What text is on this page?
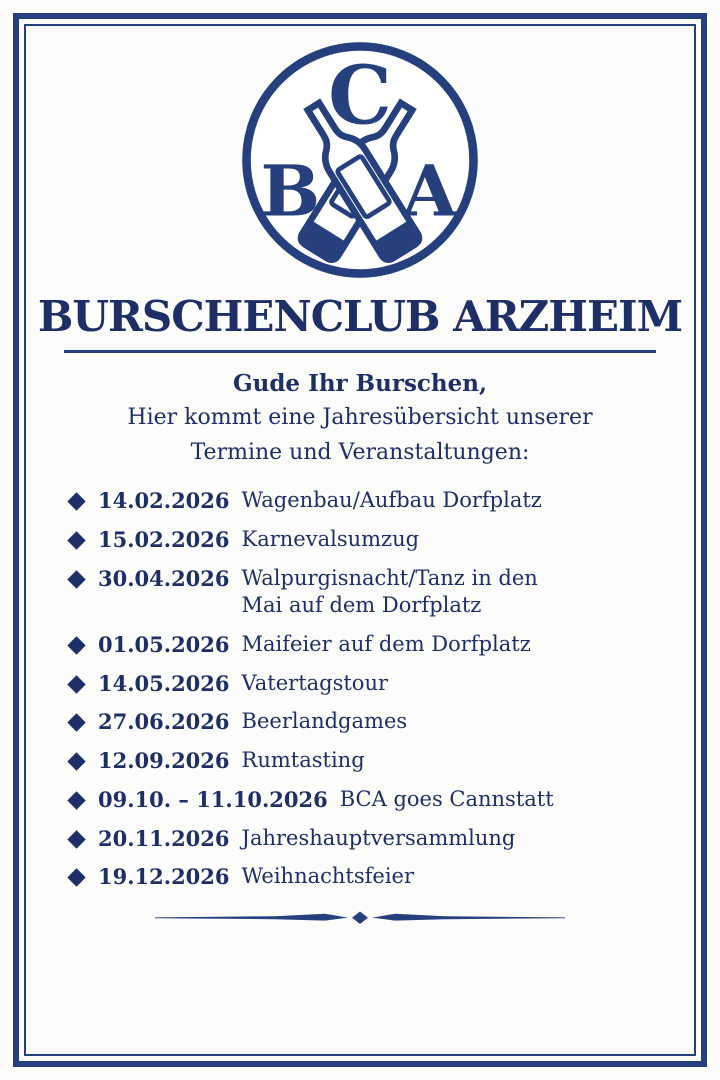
C
B A
BURSCHENCLUB ARZHEIM

Gude Ihr Burschen,

Hier kommt eine Jahresübersicht unserer

Termine und Veranstaltungen:

14.02.2026 Wagenbau/Aufbau Dorfplatz
15.02.2026 Karnevalsumzug
30.04.2026 Walpurgisnacht/Tanz in den Mai auf dem Dorfplatz
01.05.2026 Maifeier auf dem Dorfplatz
14.05.2026 Vatertagstour
27.06.2026 Beerlandgames
12.09.2026 Rumtasting
09.10. – 11.10.2026 BCA goes Cannstatt
20.11.2026 Jahreshauptversammlung
19.12.2026 Weihnachtsfeier
